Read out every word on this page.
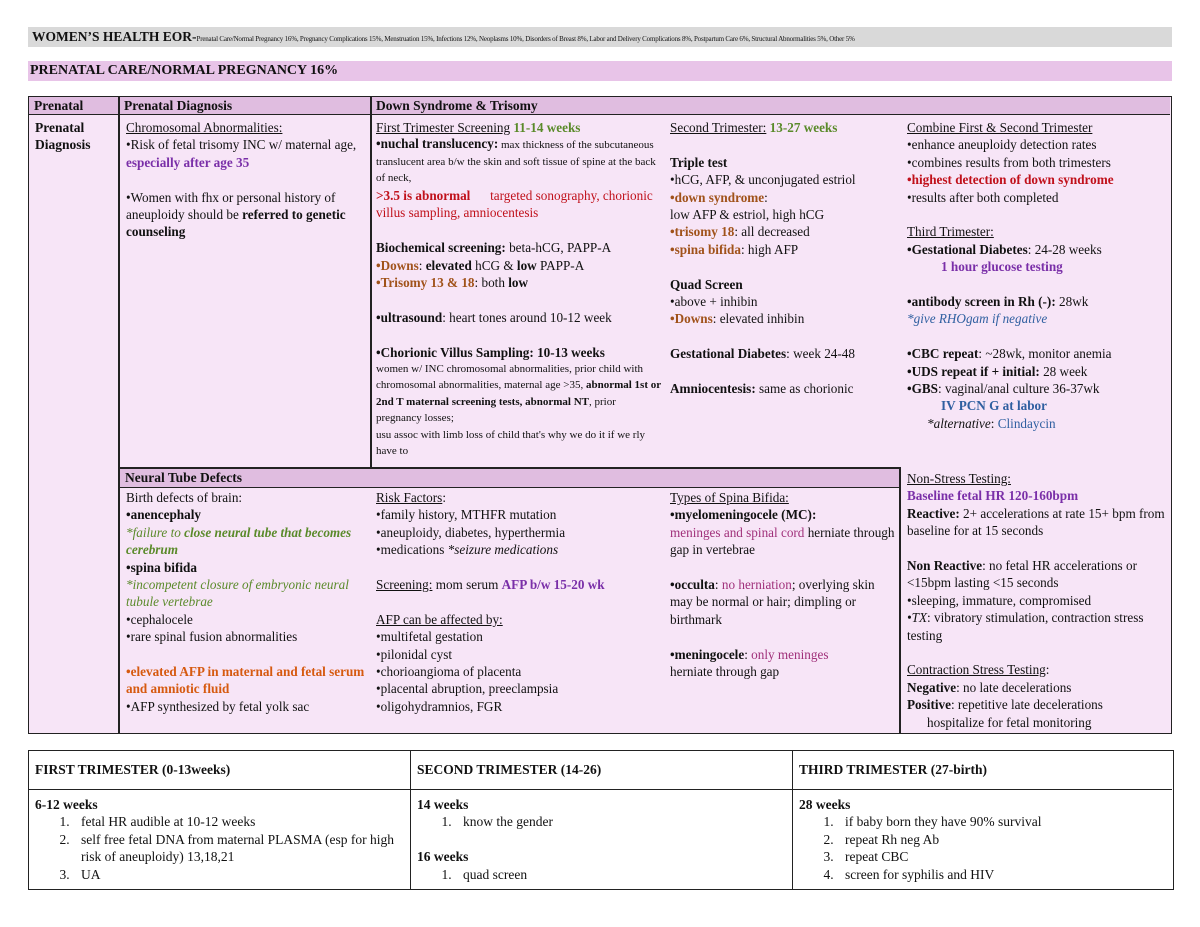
WOMEN’S HEALTH EOR-Prenatal Care/Normal Pregnancy 16%, Pregnancy Complications 15%, Menstruation 15%, Infections 12%, Neoplasms 10%, Disorders of Breast 8%, Labor and Delivery Complications 8%, Postpartum Care 6%, Structural Abnormalities 5%, Other 5%
PRENATAL CARE/NORMAL PREGNANCY 16%
Prenatal	Prenatal Diagnosis	Down Syndrome & Trisomy
Neural Tube Defects
Prenatal Diagnosis

Chromosomal Abnormalities:

•Risk of fetal trisomy INC w/ maternal age, especially after age 35

•Women with fhx or personal history of aneuploidy should be referred to genetic counseling

First Trimester Screening 11-14 weeks

•nuchal translucency: max thickness of the subcutaneous translucent area b/w the skin and soft tissue of spine at the back of neck,

>3.5 is abnormal targeted sonography, chorionic villus sampling, amniocentesis

Biochemical screening: beta-hCG, PAPP-A

•Downs: elevated hCG & low PAPP-A

•Trisomy 13 & 18: both low

•ultrasound: heart tones around 10-12 week

•Chorionic Villus Sampling: 10-13 weeks

women w/ INC chromosomal abnormalities, prior child with chromosomal abnormalities, maternal age >35, abnormal 1st or 2nd T maternal screening tests, abnormal NT, prior pregnancy losses;

usu assoc with limb loss of child that's why we do it if we rly have to

Second Trimester: 13-27 weeks

Triple test

•hCG, AFP, & unconjugated estriol

•down syndrome:

low AFP & estriol, high hCG

•trisomy 18: all decreased

•spina bifida: high AFP

Quad Screen

•above + inhibin

•Downs: elevated inhibin

Gestational Diabetes: week 24-48

Amniocentesis: same as chorionic

Combine First & Second Trimester

•enhance aneuploidy detection rates

•combines results from both trimesters

•highest detection of down syndrome

•results after both completed

Third Trimester:

•Gestational Diabetes: 24-28 weeks

1 hour glucose testing

•antibody screen in Rh (-): 28wk

*give RHOgam if negative

•CBC repeat: ~28wk, monitor anemia

•UDS repeat if + initial: 28 week

•GBS: vaginal/anal culture 36-37wk

IV PCN G at labor

*alternative: Clindaycin

Birth defects of brain:

•anencephaly

*failure to close neural tube that becomes cerebrum

•spina bifida

*incompetent closure of embryonic neural tubule vertebrae

•cephalocele

•rare spinal fusion abnormalities

•elevated AFP in maternal and fetal serum and amniotic fluid

•AFP synthesized by fetal yolk sac

Risk Factors:

•family history, MTHFR mutation

•aneuploidy, diabetes, hyperthermia

•medications *seizure medications

Screening: mom serum AFP b/w 15-20 wk

AFP can be affected by:

•multifetal gestation

•pilonidal cyst

•chorioangioma of placenta

•placental abruption, preeclampsia

•oligohydramnios, FGR

Types of Spina Bifida:

•myelomeningocele (MC):

meninges and spinal cord herniate through gap in vertebrae

•occulta: no herniation; overlying skin may be normal or hair; dimpling or birthmark

•meningocele: only meninges

herniate through gap

Non-Stress Testing:

Baseline fetal HR 120-160bpm

Reactive: 2+ accelerations at rate 15+ bpm from baseline for at 15 seconds

Non Reactive: no fetal HR accelerations or <15bpm lasting <15 seconds

•sleeping, immature, compromised

•TX: vibratory stimulation, contraction stress testing

Contraction Stress Testing:

Negative: no late decelerations

Positive: repetitive late decelerations

hospitalize for fetal monitoring

FIRST TRIMESTER (0-13weeks)
6-12 weeks
1. fetal HR audible at 10-12 weeks
2. self free fetal DNA from maternal PLASMA (esp for high risk of aneuploidy) 13,18,21
3. UA
SECOND TRIMESTER (14-26)
14 weeks
1. know the gender
16 weeks
1. quad screen
THIRD TRIMESTER (27-birth)
28 weeks
1. if baby born they have 90% survival
2. repeat Rh neg Ab
3. repeat CBC
4. screen for syphilis and HIV
